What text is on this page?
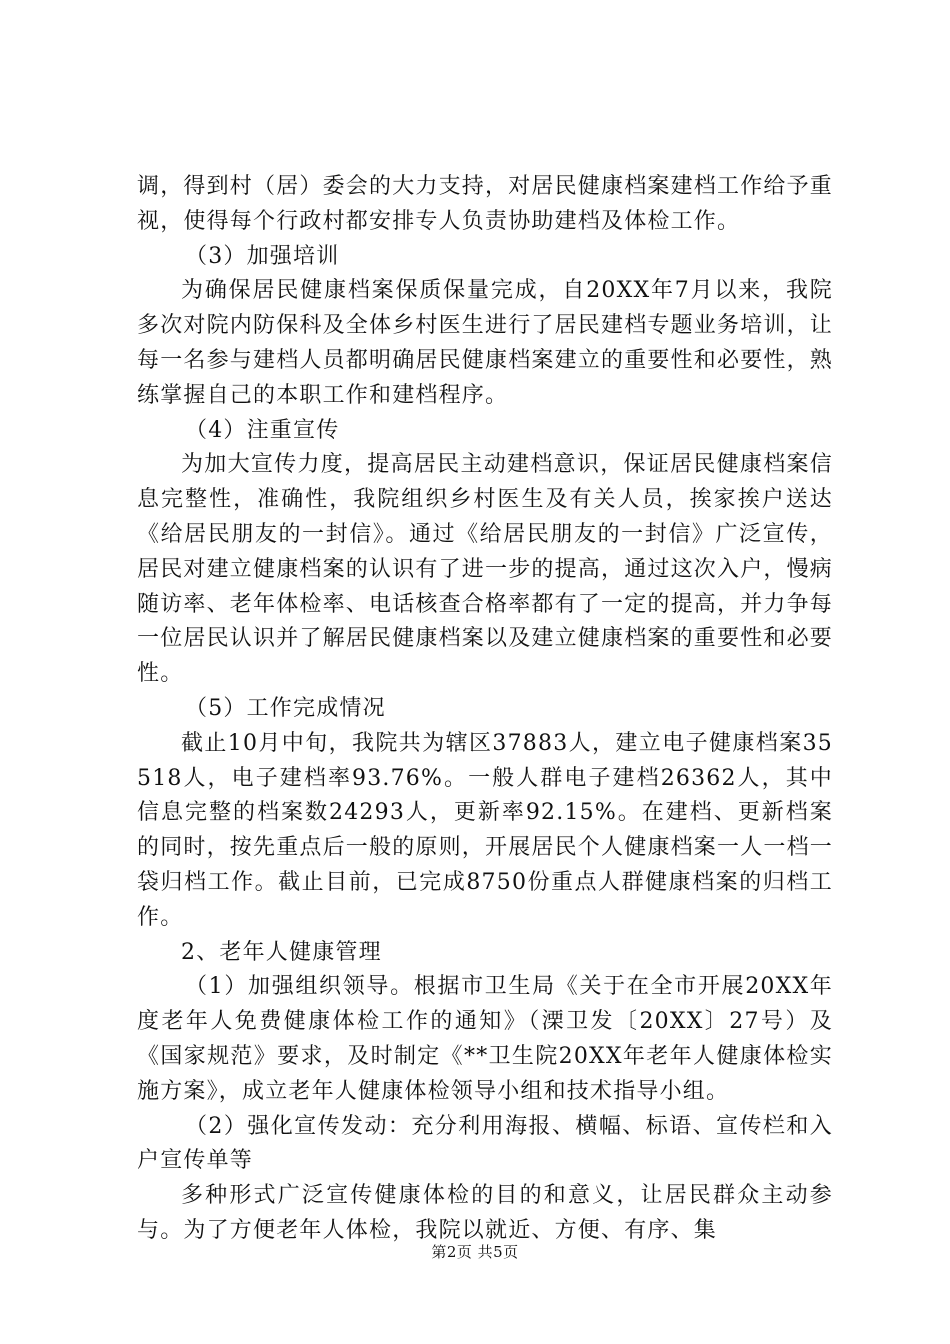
调，得到村（居）委会的大力支持，对居民健康档案建档工作给予重视，使得每个行政村都安排专人负责协助建档及体检工作。

（3）加强培训

为确保居民健康档案保质保量完成，自20XX年7月以来，我院多次对院内防保科及全体乡村医生进行了居民建档专题业务培训，让每一名参与建档人员都明确居民健康档案建立的重要性和必要性，熟练掌握自己的本职工作和建档程序。

（4）注重宣传

为加大宣传力度，提高居民主动建档意识，保证居民健康档案信息完整性，准确性，我院组织乡村医生及有关人员，挨家挨户送达《给居民朋友的一封信》。通过《给居民朋友的一封信》广泛宣传，居民对建立健康档案的认识有了进一步的提高，通过这次入户，慢病随访率、老年体检率、电话核查合格率都有了一定的提高，并力争每一位居民认识并了解居民健康档案以及建立健康档案的重要性和必要性。

（5）工作完成情况

截止10月中旬，我院共为辖区37883人，建立电子健康档案35518人，电子建档率93.76%。一般人群电子建档26362人，其中信息完整的档案数24293人，更新率92.15%。在建档、更新档案的同时，按先重点后一般的原则，开展居民个人健康档案一人一档一袋归档工作。截止目前，已完成8750份重点人群健康档案的归档工作。

2、老年人健康管理

（1）加强组织领导。根据市卫生局《关于在全市开展20XX年度老年人免费健康体检工作的通知》（溧卫发〔20XX〕27号）及《国家规范》要求，及时制定《**卫生院20XX年老年人健康体检实施方案》，成立老年人健康体检领导小组和技术指导小组。

（2）强化宣传发动：充分利用海报、横幅、标语、宣传栏和入户宣传单等

多种形式广泛宣传健康体检的目的和意义，让居民群众主动参与。为了方便老年人体检，我院以就近、方便、有序、集

第2页 共5页
